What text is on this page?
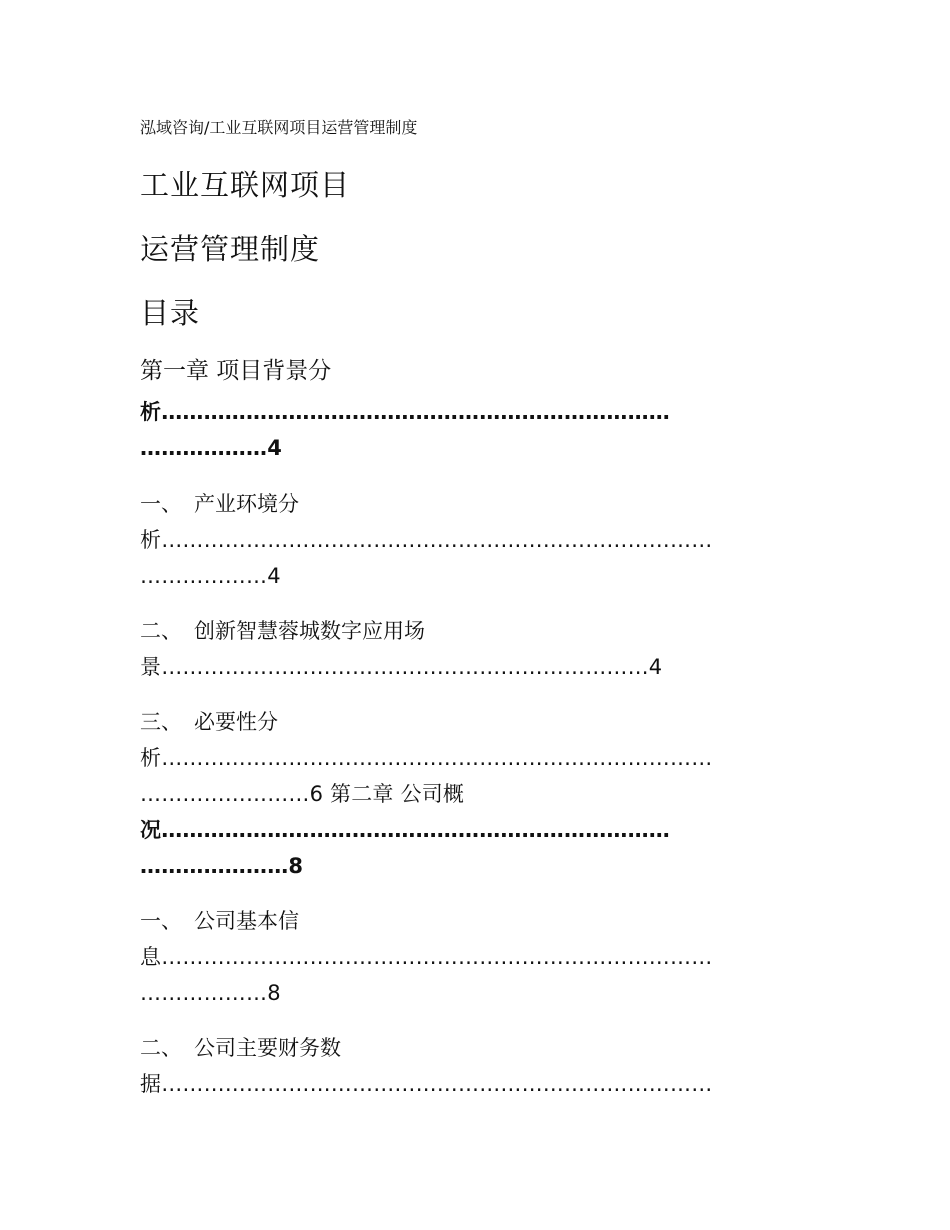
泓域咨询/工业互联网项目运营管理制度
工业互联网项目
运营管理制度
目录
第一章 项目背景分
析………………………………………………………………
………………4
一、 产业环境分
析……………………………………………………………………
………………4
二、 创新智慧蓉城数字应用场
景……………………………………………………………4
三、 必要性分
析……………………………………………………………………
……………………6 第二章 公司概
况………………………………………………………………
…………………8
一、 公司基本信
息……………………………………………………………………
………………8
二、 公司主要财务数
据……………………………………………………………………
